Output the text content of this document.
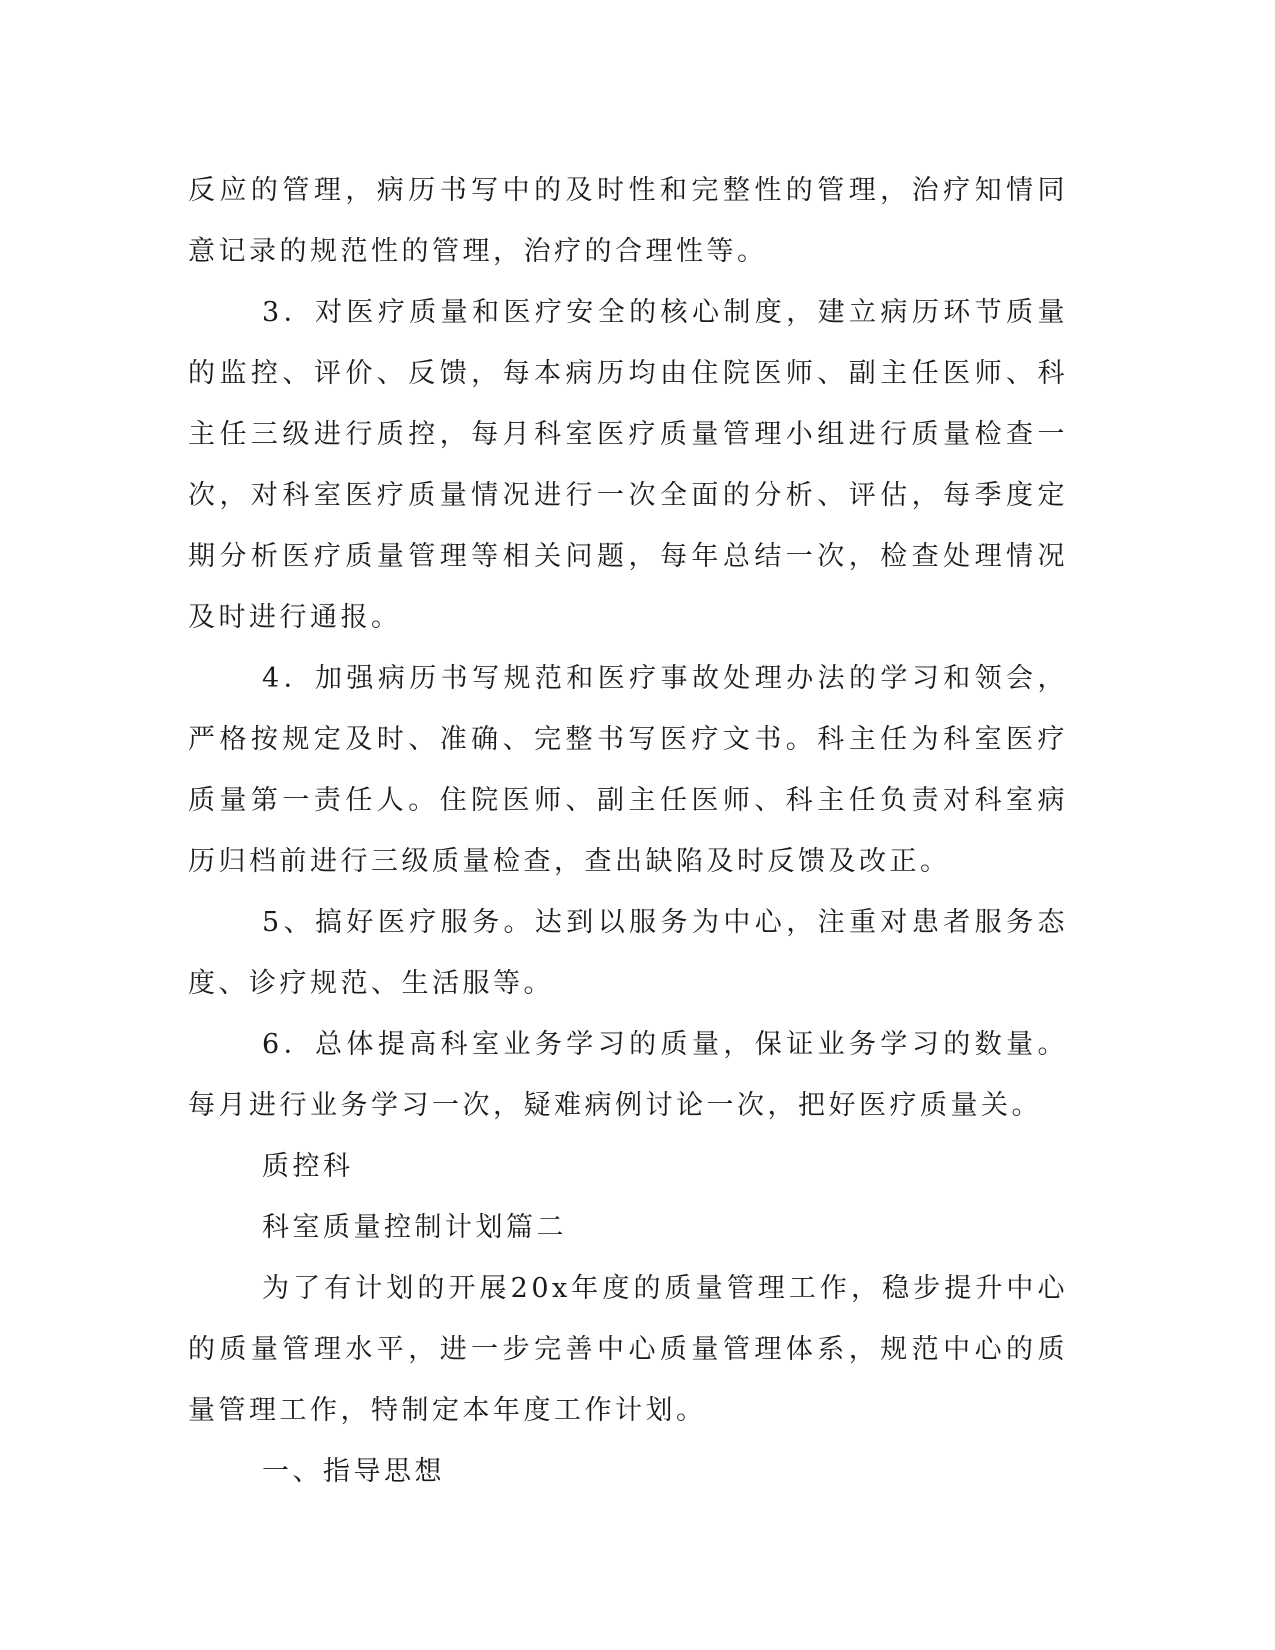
反应的管理，病历书写中的及时性和完整性的管理，治疗知情同意记录的规范性的管理，治疗的合理性等。

3．对医疗质量和医疗安全的核心制度，建立病历环节质量的监控、评价、反馈，每本病历均由住院医师、副主任医师、科主任三级进行质控，每月科室医疗质量管理小组进行质量检查一次，对科室医疗质量情况进行一次全面的分析、评估，每季度定期分析医疗质量管理等相关问题，每年总结一次，检查处理情况及时进行通报。

4．加强病历书写规范和医疗事故处理办法的学习和领会，严格按规定及时、准确、完整书写医疗文书。科主任为科室医疗质量第一责任人。住院医师、副主任医师、科主任负责对科室病历归档前进行三级质量检查，查出缺陷及时反馈及改正。

5、搞好医疗服务。达到以服务为中心，注重对患者服务态度、诊疗规范、生活服等。

6．总体提高科室业务学习的质量，保证业务学习的数量。每月进行业务学习一次，疑难病例讨论一次，把好医疗质量关。

质控科

科室质量控制计划篇二

为了有计划的开展20x年度的质量管理工作，稳步提升中心的质量管理水平，进一步完善中心质量管理体系，规范中心的质量管理工作，特制定本年度工作计划。

一、指导思想
